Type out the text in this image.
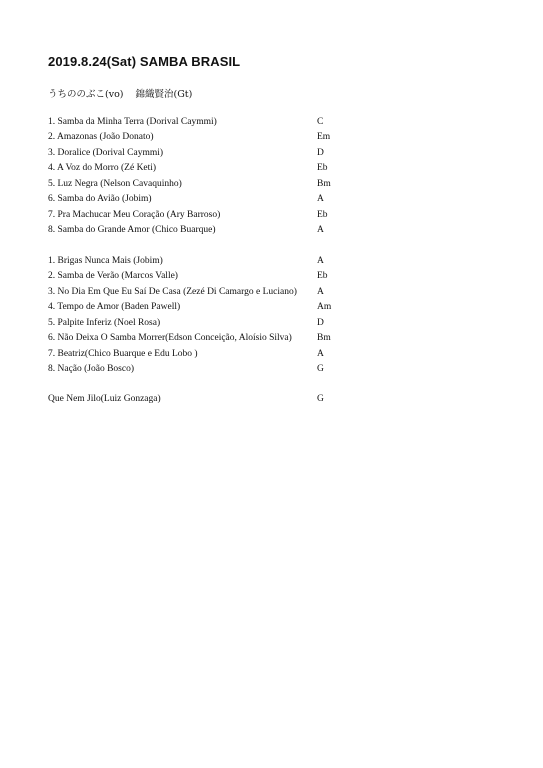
2019.8.24(Sat) SAMBA BRASIL
うちののぶこ(vo) 錦織賢治(Gt)
1. Samba da Minha Terra (Dorival Caymmi)	C
2. Amazonas (João Donato)	Em
3. Doralice (Dorival Caymmi)	D
4. A Voz do Morro (Zé Keti)	Eb
5. Luz Negra (Nelson Cavaquinho)	Bm
6. Samba do Avião (Jobim)	A
7. Pra Machucar Meu Coração (Ary Barroso)	Eb
8. Samba do Grande Amor (Chico Buarque)	A
1. Brigas Nunca Mais (Jobim)	A
2. Samba de Verão (Marcos Valle)	Eb
3. No Dia Em Que Eu Saí De Casa (Zezé Di Camargo e Luciano) A
4. Tempo de Amor (Baden Pawell)	Am
5. Palpite Inferiz (Noel Rosa)	D
6. Não Deixa O Samba Morrer(Edson Conceição, Aloísio Silva)	Bm
7. Beatriz(Chico Buarque e Edu Lobo )	A
8. Nação (João Bosco)	G
Que Nem Jilo(Luiz Gonzaga)	G
